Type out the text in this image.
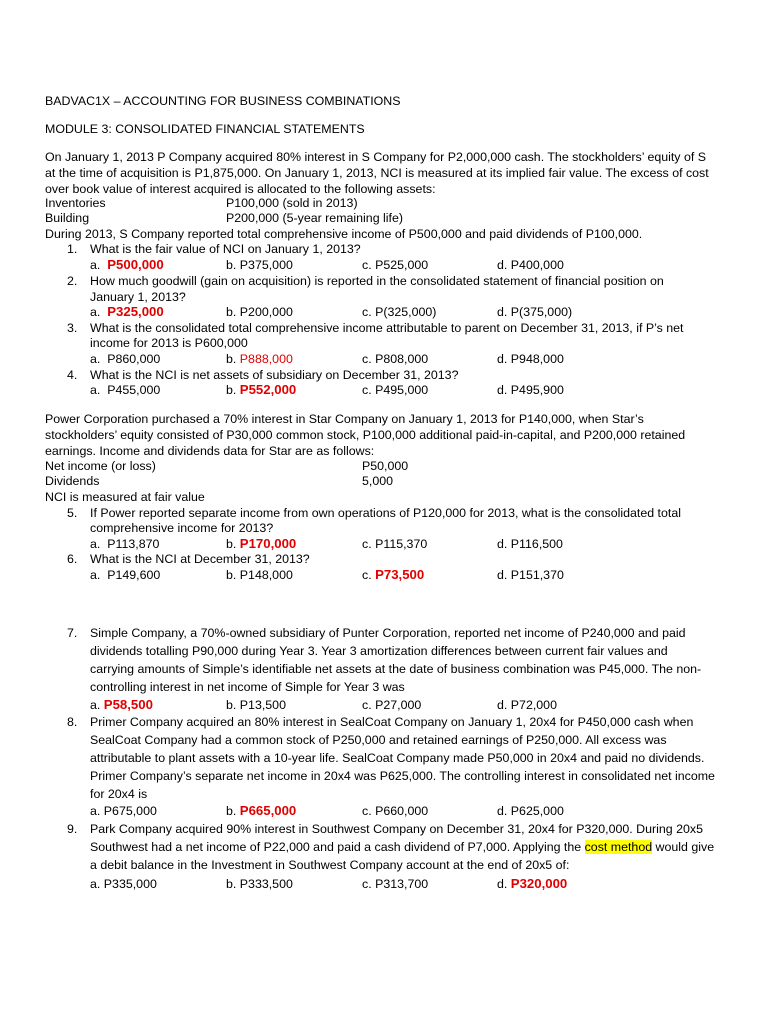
BADVAC1X – ACCOUNTING FOR BUSINESS COMBINATIONS
MODULE 3: CONSOLIDATED FINANCIAL STATEMENTS
On January 1, 2013 P Company acquired 80% interest in S Company for P2,000,000 cash. The stockholders’ equity of S
at the time of acquisition is P1,875,000. On January 1, 2013, NCI is measured at its implied fair value. The excess of cost
over book value of interest acquired is allocated to the following assets:
Inventories	P100,000 (sold in 2013)
Building	P200,000 (5-year remaining life)
During 2013, S Company reported total comprehensive income of P500,000 and paid dividends of P100,000.
1. What is the fair value of NCI on January 1, 2013?
a. P500,000	b. P375,000	c. P525,000	d. P400,000
2. How much goodwill (gain on acquisition) is reported in the consolidated statement of financial position on
January 1, 2013?
a. P325,000	b. P200,000	c. P(325,000)	d. P(375,000)
3. What is the consolidated total comprehensive income attributable to parent on December 31, 2013, if P’s net
income for 2013 is P600,000
a. P860,000	b. P888,000	c. P808,000	d. P948,000
4. What is the NCI is net assets of subsidiary on December 31, 2013?
a. P455,000	b. P552,000	c. P495,000	d. P495,900
Power Corporation purchased a 70% interest in Star Company on January 1, 2013 for P140,000, when Star’s
stockholders’ equity consisted of P30,000 common stock, P100,000 additional paid-in-capital, and P200,000 retained
earnings. Income and dividends data for Star are as follows:
Net income (or loss)	P50,000
Dividends	5,000
NCI is measured at fair value
5. If Power reported separate income from own operations of P120,000 for 2013, what is the consolidated total
comprehensive income for 2013?
a. P113,870	b. P170,000	c. P115,370	d. P116,500
6. What is the NCI at December 31, 2013?
a. P149,600	b. P148,000	c. P73,500	d. P151,370
7. Simple Company, a 70%-owned subsidiary of Punter Corporation, reported net income of P240,000 and paid
dividends totalling P90,000 during Year 3. Year 3 amortization differences between current fair values and
carrying amounts of Simple’s identifiable net assets at the date of business combination was P45,000. The non-
controlling interest in net income of Simple for Year 3 was
a. P58,500	b. P13,500	c. P27,000	d. P72,000
8. Primer Company acquired an 80% interest in SealCoat Company on January 1, 20x4 for P450,000 cash when
SealCoat Company had a common stock of P250,000 and retained earnings of P250,000. All excess was
attributable to plant assets with a 10-year life. SealCoat Company made P50,000 in 20x4 and paid no dividends.
Primer Company’s separate net income in 20x4 was P625,000. The controlling interest in consolidated net income
for 20x4 is
a. P675,000	b. P665,000	c. P660,000	d. P625,000
9. Park Company acquired 90% interest in Southwest Company on December 31, 20x4 for P320,000. During 20x5
Southwest had a net income of P22,000 and paid a cash dividend of P7,000. Applying the cost method would give
a debit balance in the Investment in Southwest Company account at the end of 20x5 of:
a. P335,000	b. P333,500	c. P313,700	d. P320,000
